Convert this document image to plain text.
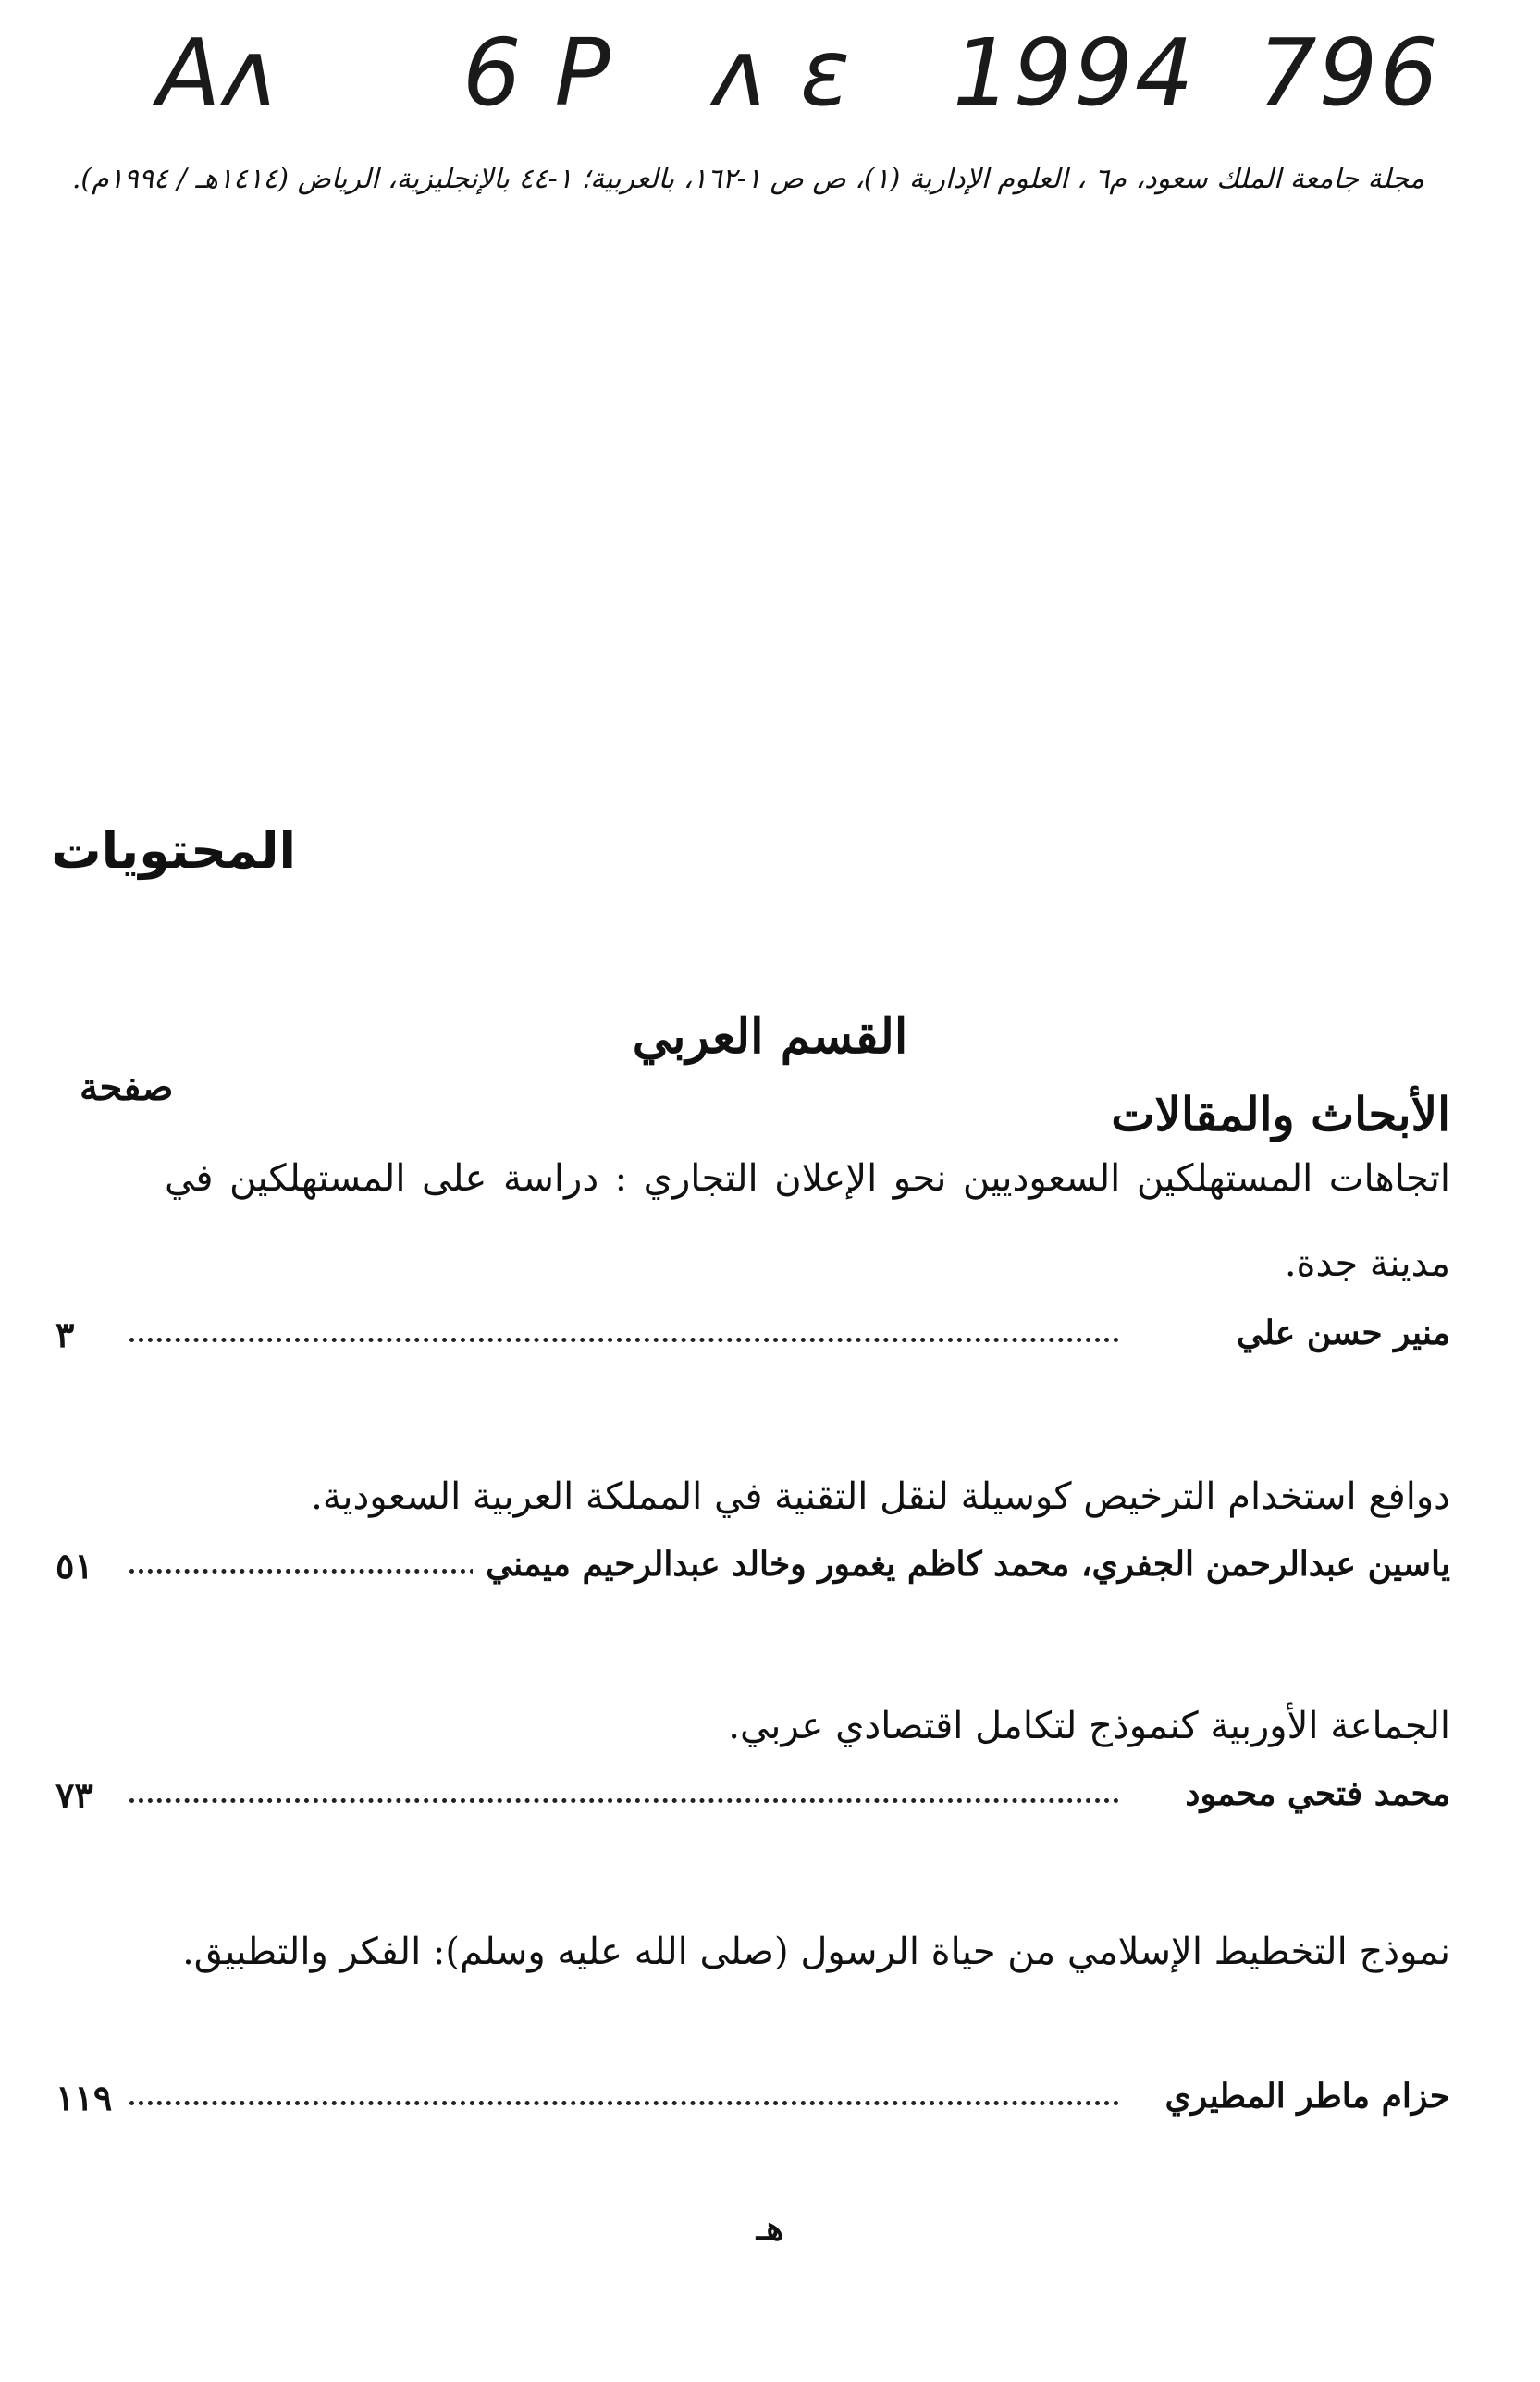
Aʌ 6 P ʌ ɛ 1994 796
مجلة جامعة الملك سعود، م٦ ، العلوم الإدارية (١)، ص ص ١-١٦٢، بالعربية؛ ١-٤٤ بالإنجليزية، الرياض (١٤١٤هـ / ١٩٩٤م).
المحتويات
القسم العربي
صفحة	الأبحاث والمقالات
اتجاهات المستهلكين السعوديين نحو الإعلان التجاري : دراسة على المستهلكين في مدينة جدة.
منير حسن علي
٣
دوافع استخدام الترخيص كوسيلة لنقل التقنية في المملكة العربية السعودية.
ياسين عبدالرحمن الجفري، محمد كاظم يغمور وخالد عبدالرحيم ميمني
٥١
الجماعة الأوربية كنموذج لتكامل اقتصادي عربي.
محمد فتحي محمود
٧٣
نموذج التخطيط الإسلامي من حياة الرسول (صلى الله عليه وسلم): الفكر والتطبيق.
حزام ماطر المطيري
١١٩
هـ
